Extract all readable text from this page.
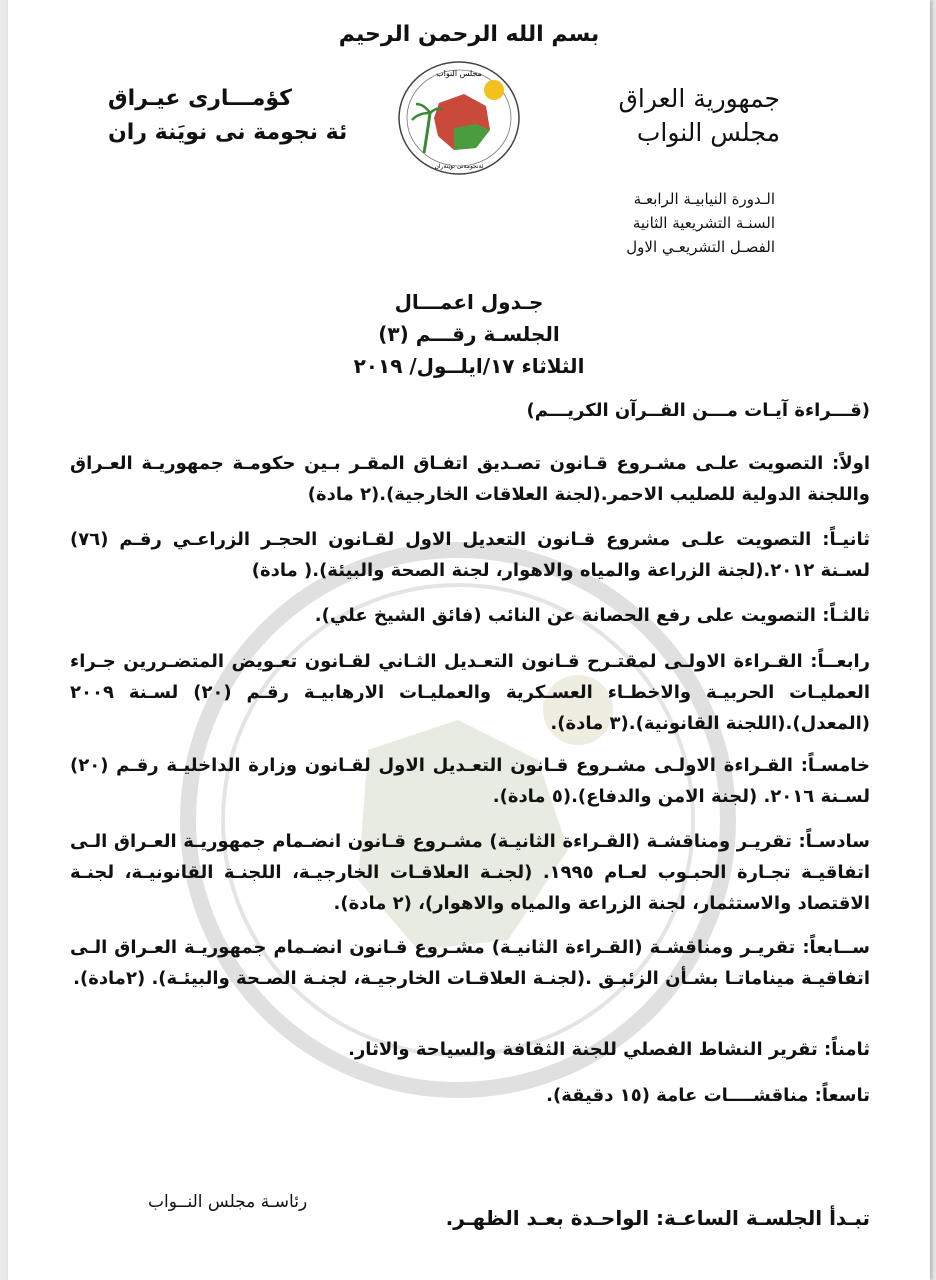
بسم الله الرحمن الرحيم
جمهورية العراق
مجلس النواب
كؤمـــارى عيـراق
ئة نجومة نى نويَنة ران
مجلس النواب
ئةنجومةنى نويَنةران
الـدورة النيابيـة الرابعـة
السنـة التشريعية الثانية
الفصـل التشريعـي الاول
جـدول اعمـــال
الجلسـة رقـــم (٣)
الثلاثاء ١٧/ايلــول/ ٢٠١٩
(قـــراءة آيـات مـــن القــرآن الكريـــم)
اولاً: التصويت علـى مشـروع قـانون تصـديق اتفـاق المقـر بـين حكومـة جمهوريـة العـراق واللجنة الدولية للصليب الاحمر.(لجنة العلاقات الخارجية).(٢ مادة)
ثانيـاً: التصويت علـى مشروع قـانون التعديل الاول لقـانون الحجـر الزراعـي رقـم (٧٦) لسـنة ٢٠١٢.(لجنة الزراعة والمياه والاهوار، لجنة الصحة والبيئة).( مادة)
ثالثـاً: التصويت على رفع الحصانة عن النائب (فائق الشيخ علي).
رابعــاً: القـراءة الاولـى لمقتـرح قـانون التعـديل الثـاني لقـانون تعـويض المتضـررين جـراء العمليـات الحربيـة والاخطـاء العسـكرية والعمليـات الارهابيـة رقـم (٢٠) لسـنة ٢٠٠٩ (المعدل).(اللجنة القانونية).(٣ مادة).
خامسـاً: القـراءة الاولـى مشـروع قـانون التعـديل الاول لقـانون وزارة الداخليـة رقـم (٢٠) لسـنة ٢٠١٦. (لجنة الامن والدفاع).(٥ مادة).
سادسـاً: تقريـر ومناقشـة (القـراءة الثانيـة) مشـروع قـانون انضـمام جمهوريـة العـراق الـى اتفاقيـة تجـارة الحبـوب لعـام ١٩٩٥. (لجنـة العلاقـات الخارجيـة، اللجنـة القانونيـة، لجنـة الاقتصاد والاستثمار، لجنة الزراعة والمياه والاهوار)، (٢ مادة).
ســابعاً: تقريـر ومناقشـة (القـراءة الثانيـة) مشـروع قـانون انضـمام جمهوريـة العـراق الـى اتفاقيـة ميناماتـا بشـأن الزئبـق .(لجنـة العلاقـات الخارجيـة، لجنـة الصـحة والبيئـة). (٢مادة).
ثامناً: تقرير النشاط الفصلي للجنة الثقافة والسياحة والاثار.
تاسعاً: مناقشــــات عامة (١٥ دقيقة).
رئاسـة مجلس النــواب
تبـدأ الجلسـة الساعـة: الواحـدة بعـد الظهـر.
